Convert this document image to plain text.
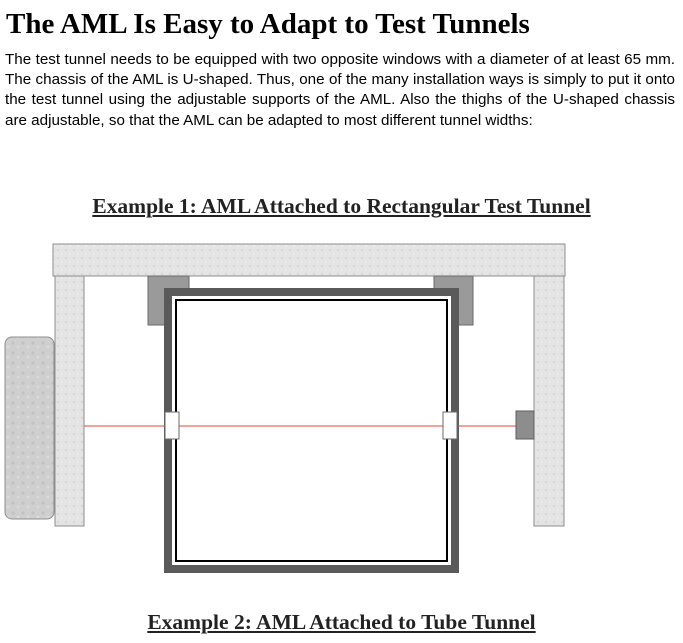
The AML Is Easy to Adapt to Test Tunnels

The test tunnel needs to be equipped with two opposite windows with a diameter of at least 65 mm. The chassis of the AML is U-shaped. Thus, one of the many installation ways is simply to put it onto the test tunnel using the adjustable supports of the AML. Also the thighs of the U-shaped chassis are adjustable, so that the AML can be adapted to most different tunnel widths:

Example 1: AML Attached to Rectangular Test Tunnel
Example 2: AML Attached to Tube Tunnel
